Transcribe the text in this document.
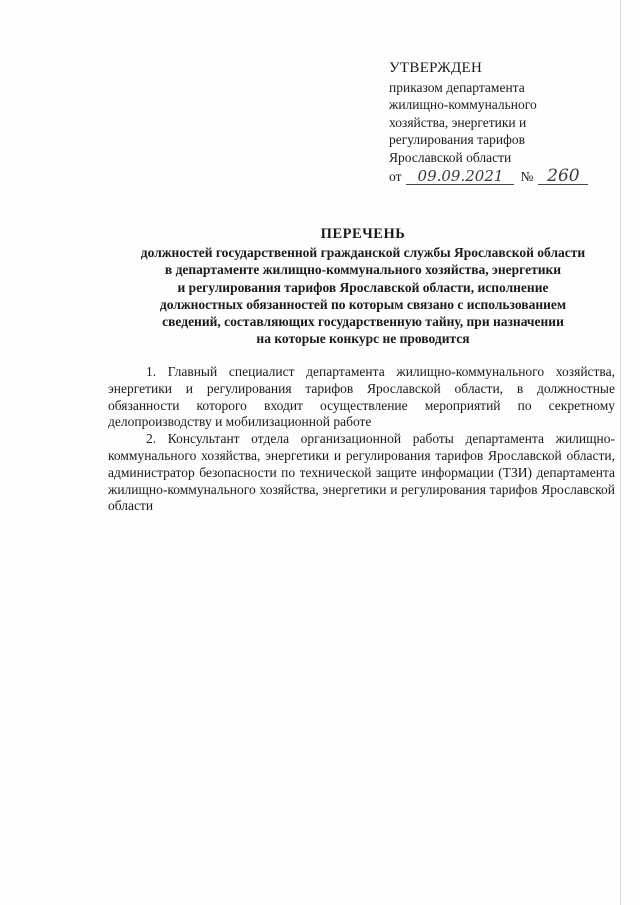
УТВЕРЖДЕН
приказом департамента
жилищно-коммунального
хозяйства, энергетики и
регулирования тарифов
Ярославской области
от	09.09.2021	№ 260
ПЕРЕЧЕНЬ
должностей государственной гражданской службы Ярославской области
в департаменте жилищно-коммунального хозяйства, энергетики
и регулирования тарифов Ярославской области, исполнение
должностных обязанностей по которым связано с использованием
сведений, составляющих государственную тайну, при назначении
на которые конкурс не проводится

1. Главный специалист департамента жилищно-коммунального хозяйства, энергетики и регулирования тарифов Ярославской области, в должностные обязанности которого входит осуществление мероприятий по секретному делопроизводству и мобилизационной работе

2. Консультант отдела организационной работы департамента жилищно-коммунального хозяйства, энергетики и регулирования тарифов Ярославской области, администратор безопасности по технической защите информации (ТЗИ) департамента жилищно-коммунального хозяйства, энергетики и регулирования тарифов Ярославской области
